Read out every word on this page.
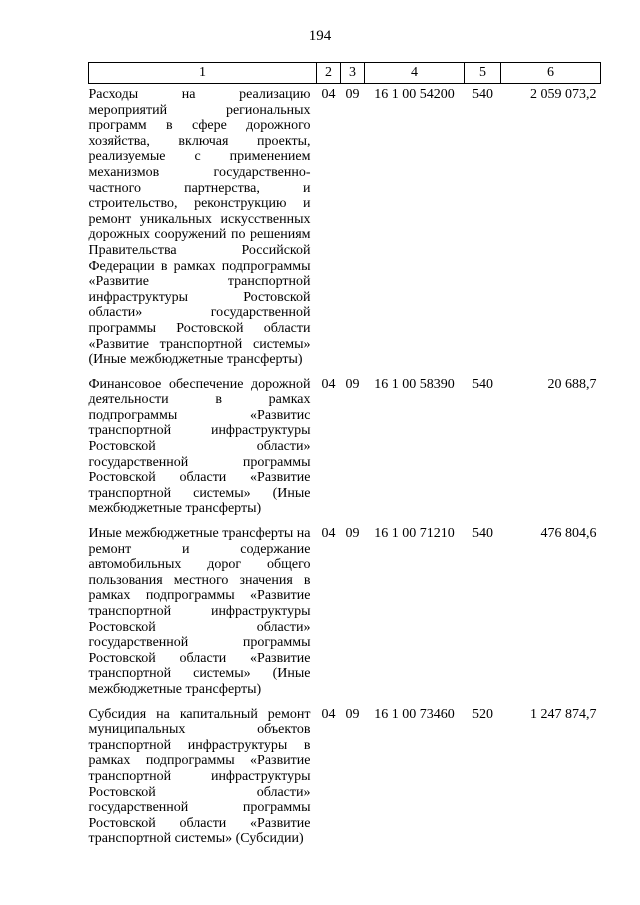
194
1	2	3	4	5	6
Расходы на реализацию мероприятий региональных программ в сфере дорожного хозяйства, включая проекты, реализуемые с применением механизмов государственно-частного партнерства, и строительство, реконструкцию и ремонт уникальных искусственных дорожных сооружений по решениям Правительства Российской Федерации в рамках подпрограммы «Развитие транспортной инфраструктуры Ростовской области» государственной программы Ростовской области «Развитие транспортной системы» (Иные межбюджетные трансферты)	04	09	16 1 00 54200	540	2 059 073,2
Финансовое обеспечение дорожной деятельности в рамках подпрограммы «Развитис транспортной инфраструктуры Ростовской области» государственной программы Ростовской области «Развитие транспортной системы» (Иные межбюджетные трансферты)	04	09	16 1 00 58390	540	20 688,7
Иные межбюджетные трансферты на ремонт и содержание автомобильных дорог общего пользования местного значения в рамках подпрограммы «Развитие транспортной инфраструктуры Ростовской области» государственной программы Ростовской области «Развитие транспортной системы» (Иные межбюджетные трансферты)	04	09	16 1 00 71210	540	476 804,6
Субсидия на капитальный ремонт муниципальных объектов транспортной инфраструктуры в рамках подпрограммы «Развитие транспортной инфраструктуры Ростовской области» государственной программы Ростовской области «Развитие транспортной системы» (Субсидии)	04	09	16 1 00 73460	520	1 247 874,7
